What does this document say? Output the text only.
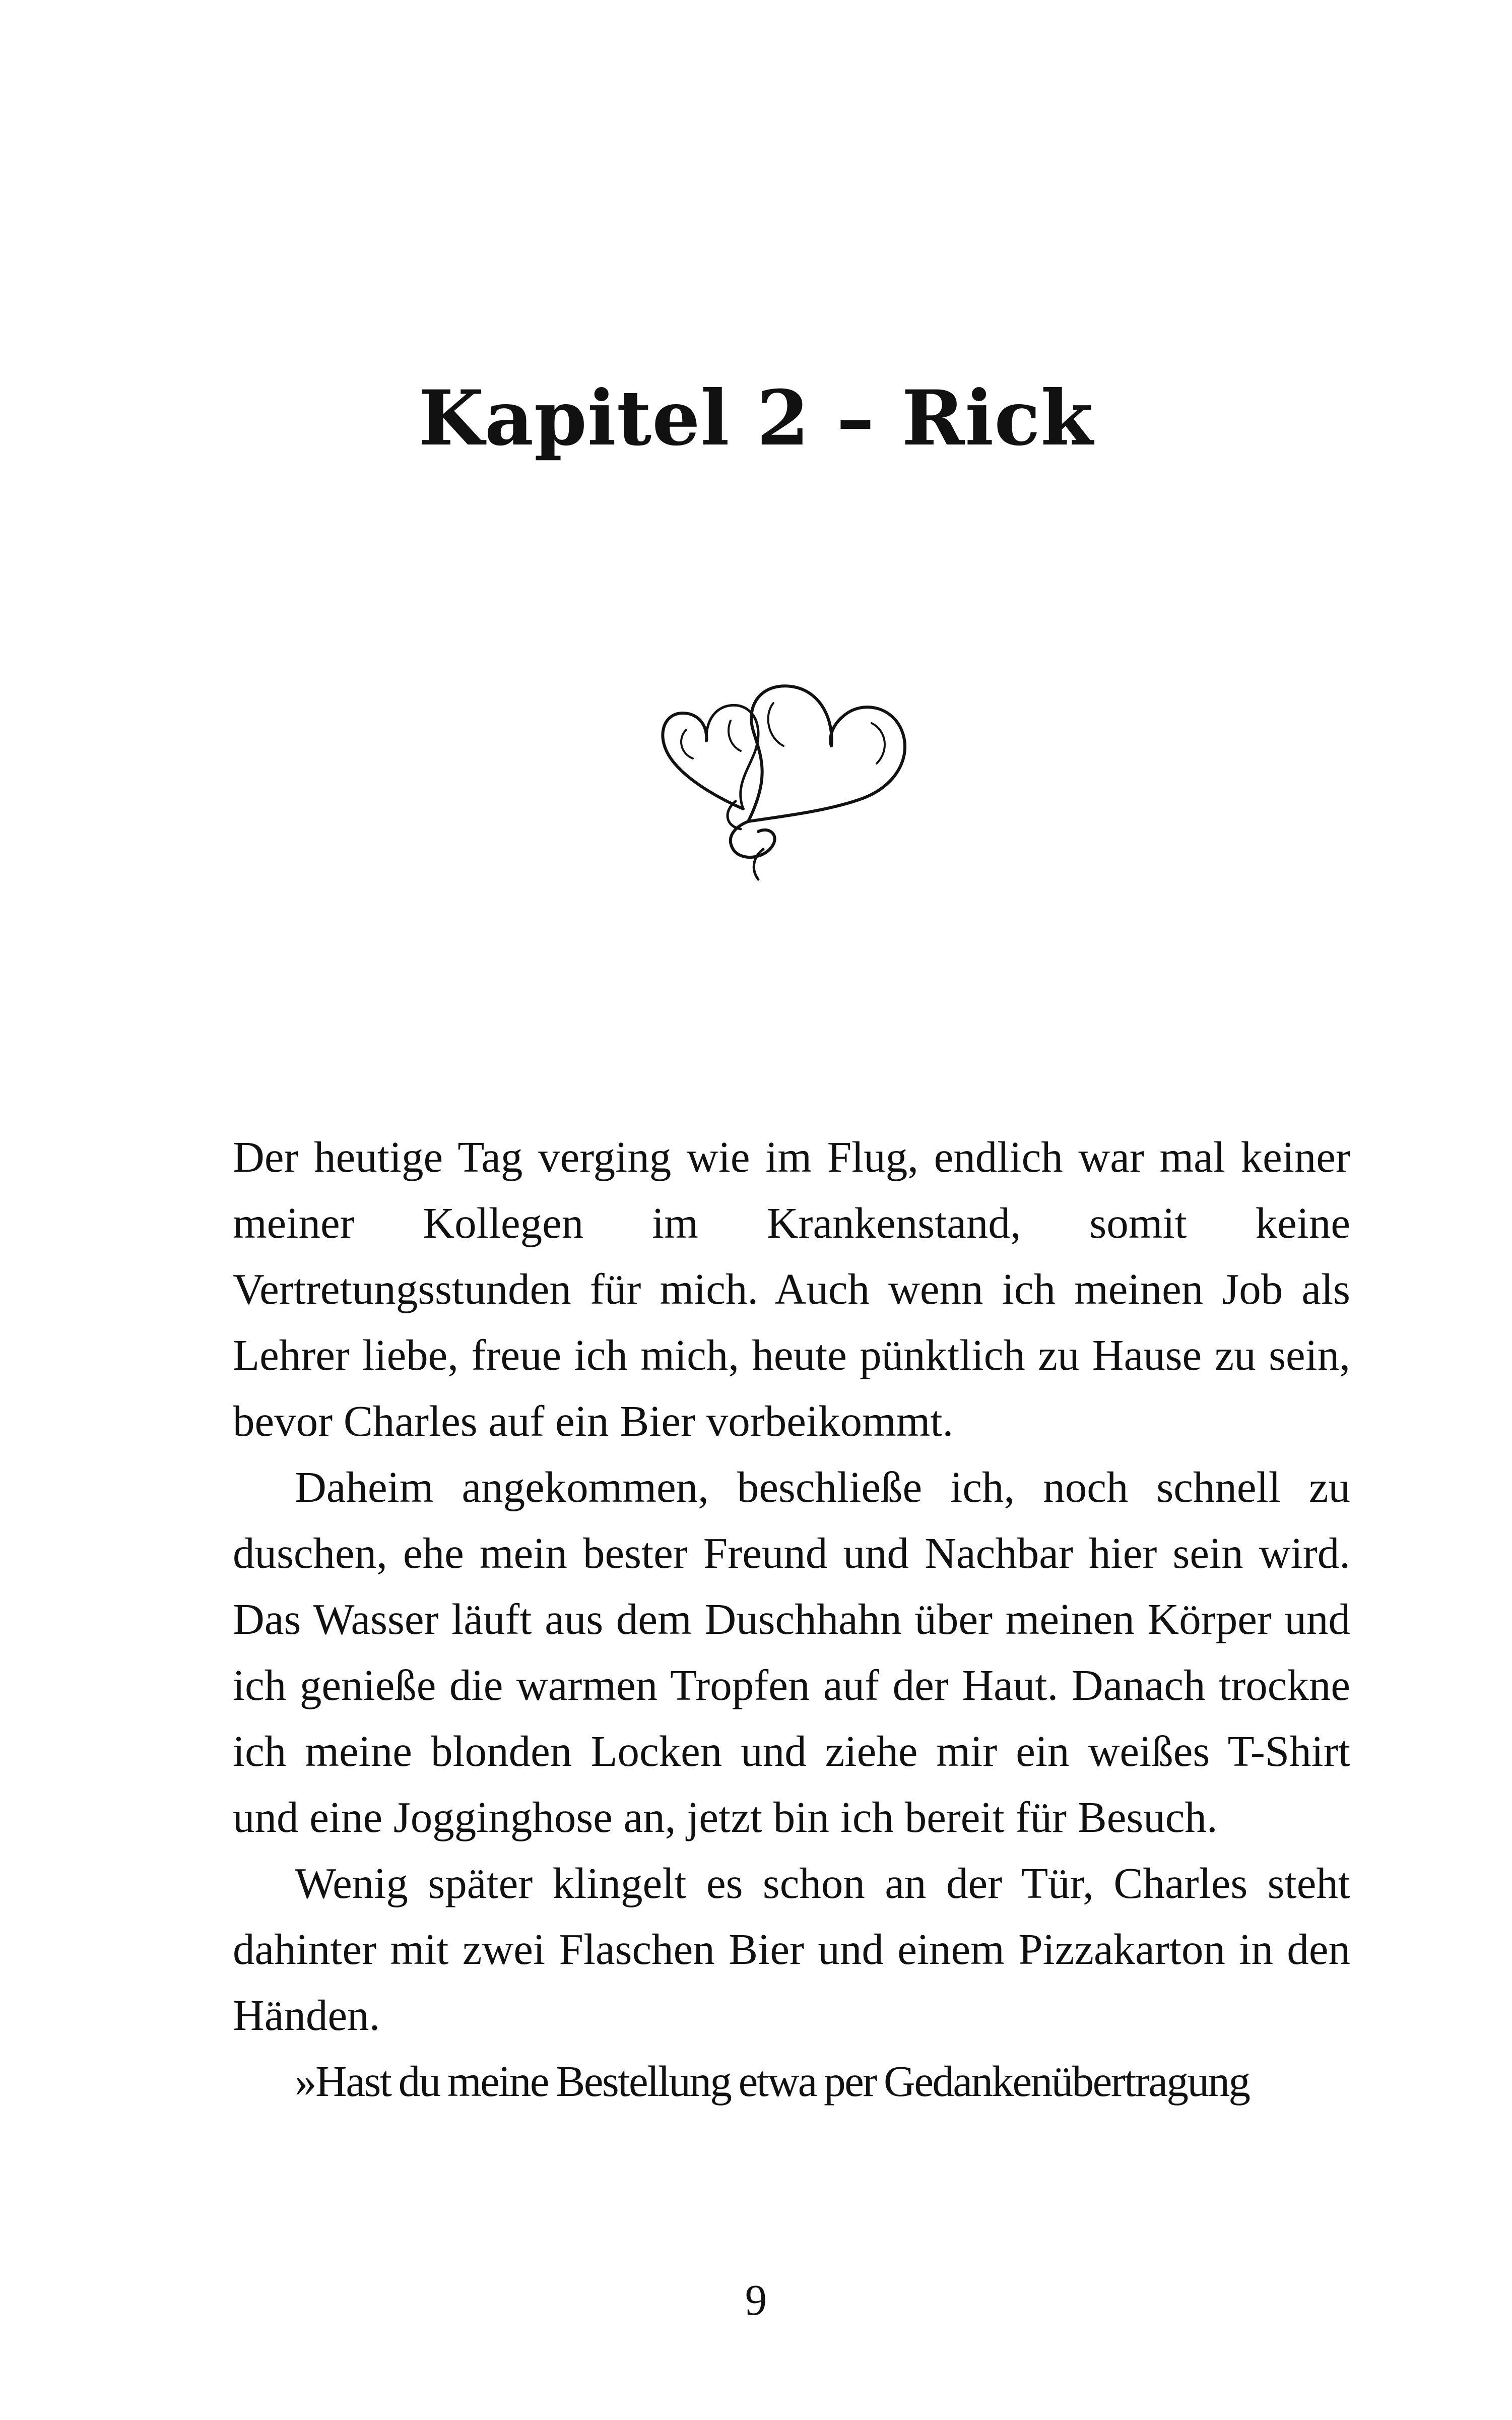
Kapitel 2 – Rick

Der heutige Tag verging wie im Flug, endlich war mal keiner meiner Kollegen im Krankenstand, somit keine Vertretungsstunden für mich. Auch wenn ich meinen Job als Lehrer liebe, freue ich mich, heute pünktlich zu Hause zu sein, bevor Charles auf ein Bier vorbeikommt.

Daheim angekommen, beschließe ich, noch schnell zu duschen, ehe mein bester Freund und Nachbar hier sein wird. Das Wasser läuft aus dem Duschhahn über meinen Körper und ich genieße die warmen Tropfen auf der Haut. Danach trockne ich meine blonden Locken und ziehe mir ein weißes T-Shirt und eine Jogginghose an, jetzt bin ich bereit für Besuch.

Wenig später klingelt es schon an der Tür, Charles steht dahinter mit zwei Flaschen Bier und einem Pizzakarton in den Händen.

»Hast du meine Bestellung etwa per Gedankenübertragung

9
